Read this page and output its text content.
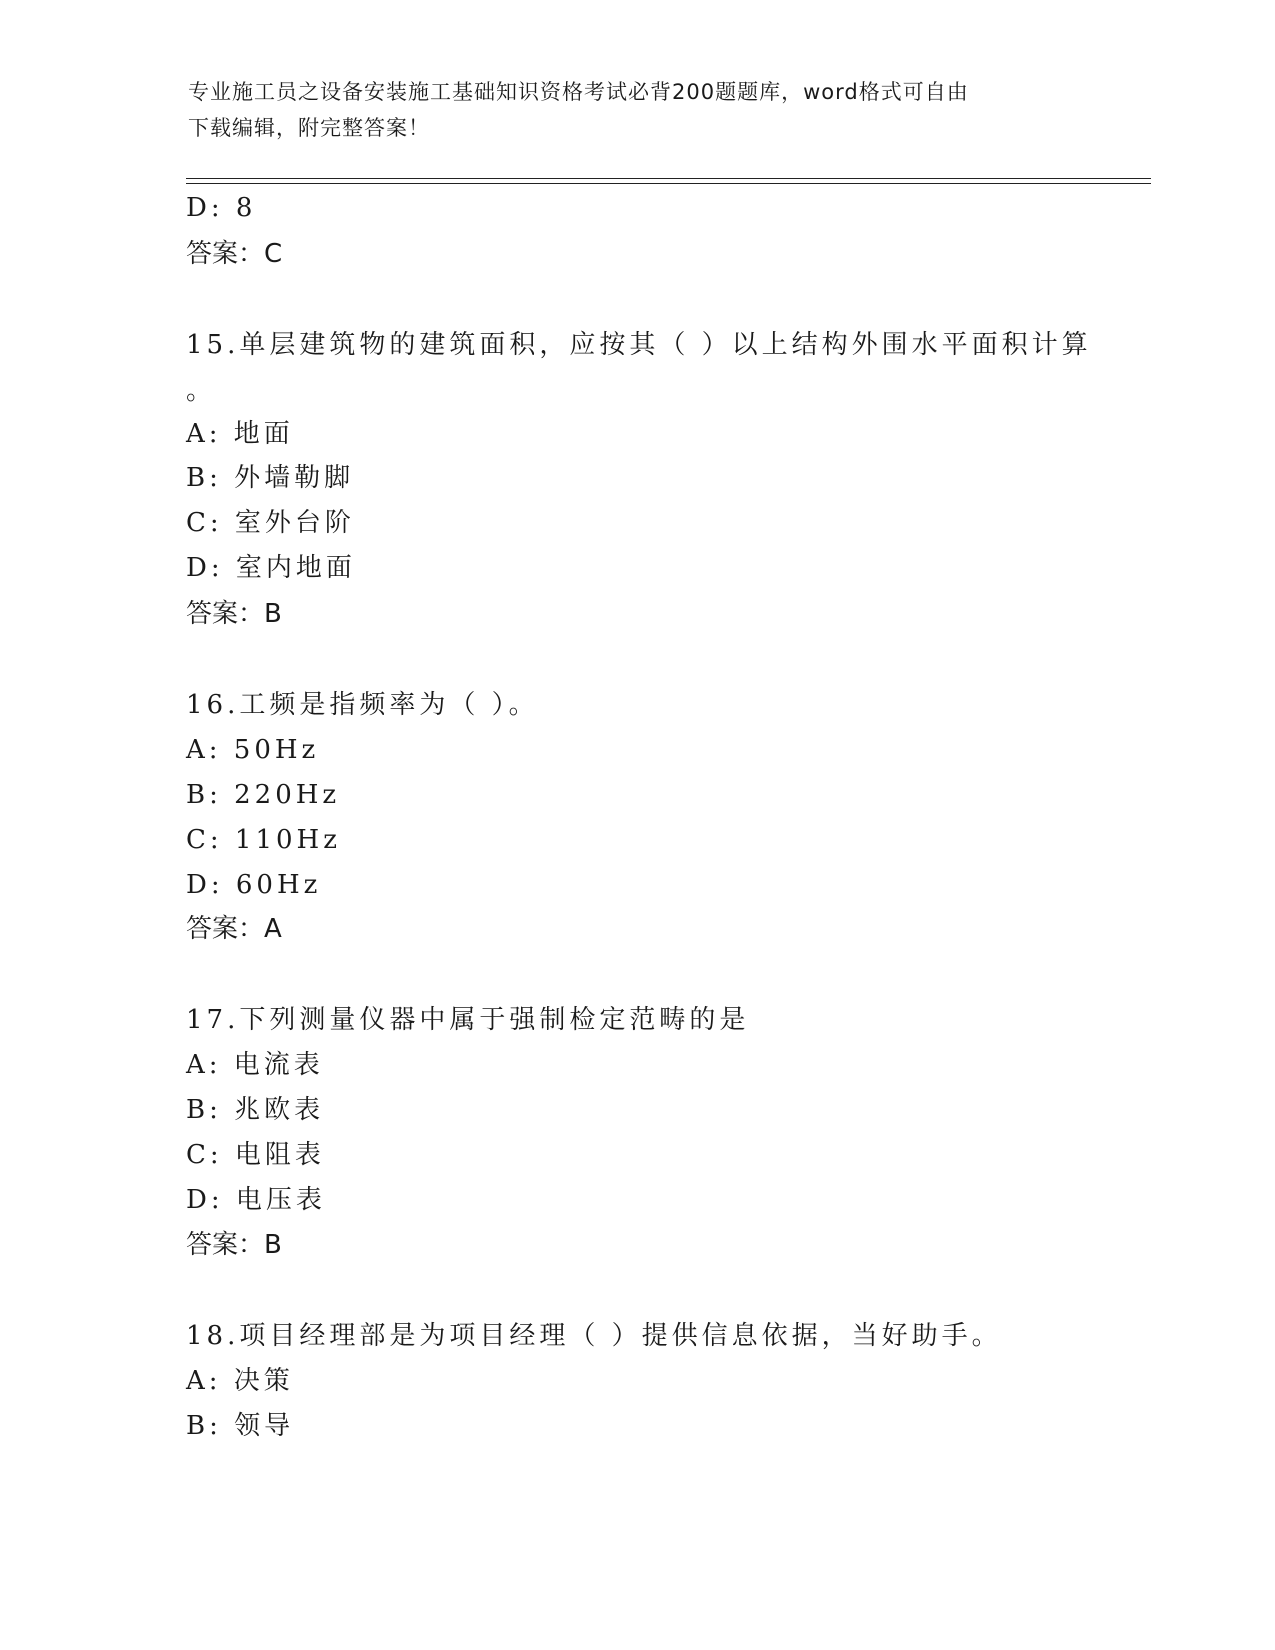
专业施工员之设备安装施工基础知识资格考试必背200题题库，word格式可自由
下载编辑，附完整答案！
D: 8
答案：C
15.单层建筑物的建筑面积，应按其（ ）以上结构外围水平面积计算
。
A: 地面
B: 外墙勒脚
C: 室外台阶
D: 室内地面
答案：B
16.工频是指频率为（ ）。
A: 50Hz
B: 220Hz
C: 110Hz
D: 60Hz
答案：A
17.下列测量仪器中属于强制检定范畴的是
A: 电流表
B: 兆欧表
C: 电阻表
D: 电压表
答案：B
18.项目经理部是为项目经理（ ）提供信息依据，当好助手。
A: 决策
B: 领导
